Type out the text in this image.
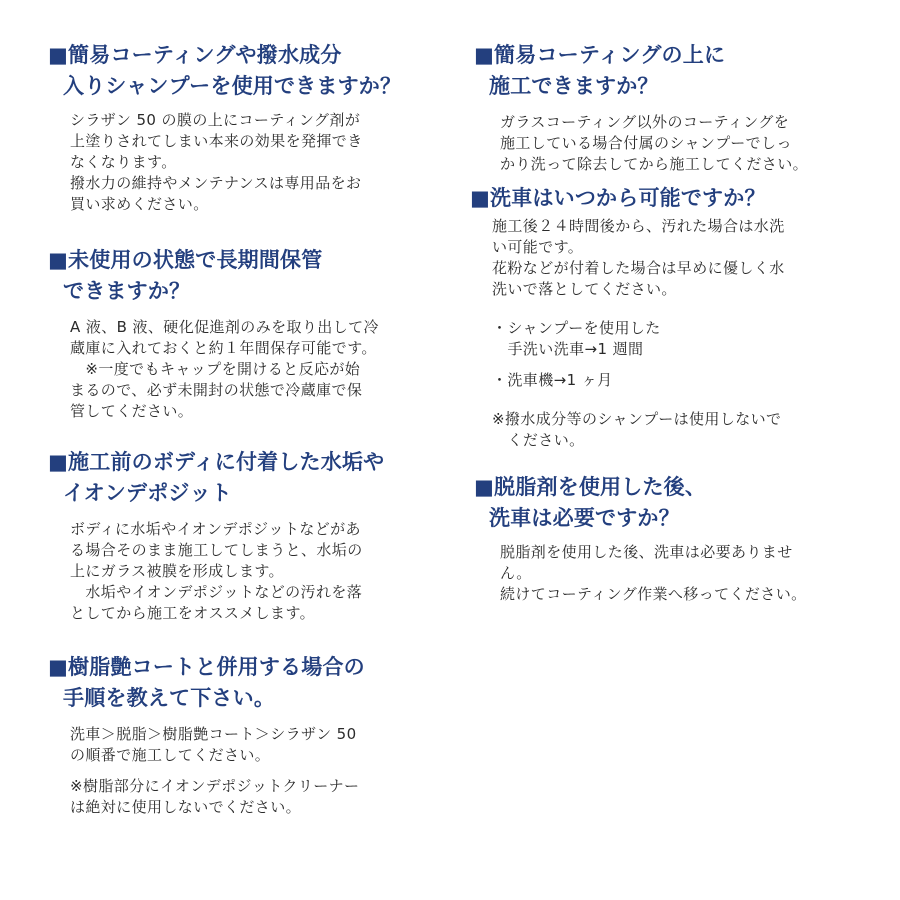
■簡易コーティングや撥水成分
入りシャンプーを使用できますか？

シラザン 50 の膜の上にコーティング剤が

上塗りされてしまい本来の効果を発揮でき

なくなります。

撥水力の維持やメンテナンスは専用品をお

買い求めください。

■未使用の状態で長期間保管
できますか？

A 液、B 液、硬化促進剤のみを取り出して冷

蔵庫に入れておくと約１年間保存可能です。

　※一度でもキャップを開けると反応が始

まるので、必ず未開封の状態で冷蔵庫で保

管してください。

■施工前のボディに付着した水垢や
イオンデポジット

ボディに水垢やイオンデポジットなどがあ

る場合そのまま施工してしまうと、水垢の

上にガラス被膜を形成します。

　水垢やイオンデポジットなどの汚れを落

としてから施工をオススメします。

■樹脂艶コートと併用する場合の
手順を教えて下さい。

洗車＞脱脂＞樹脂艶コート＞シラザン 50

の順番で施工してください。

※樹脂部分にイオンデポジットクリーナー

は絶対に使用しないでください。

■簡易コーティングの上に
施工できますか？

ガラスコーティング以外のコーティングを

施工している場合付属のシャンプーでしっ

かり洗って除去してから施工してください。

■洗車はいつから可能ですか？

施工後２４時間後から、汚れた場合は水洗

い可能です。

花粉などが付着した場合は早めに優しく水

洗いで落としてください。

・シャンプーを使用した
手洗い洗車→1 週間

・洗車機→1 ヶ月

※撥水成分等のシャンプーは使用しないで

ください。

■脱脂剤を使用した後、
洗車は必要ですか？

脱脂剤を使用した後、洗車は必要ありませ

ん。

続けてコーティング作業へ移ってください。
